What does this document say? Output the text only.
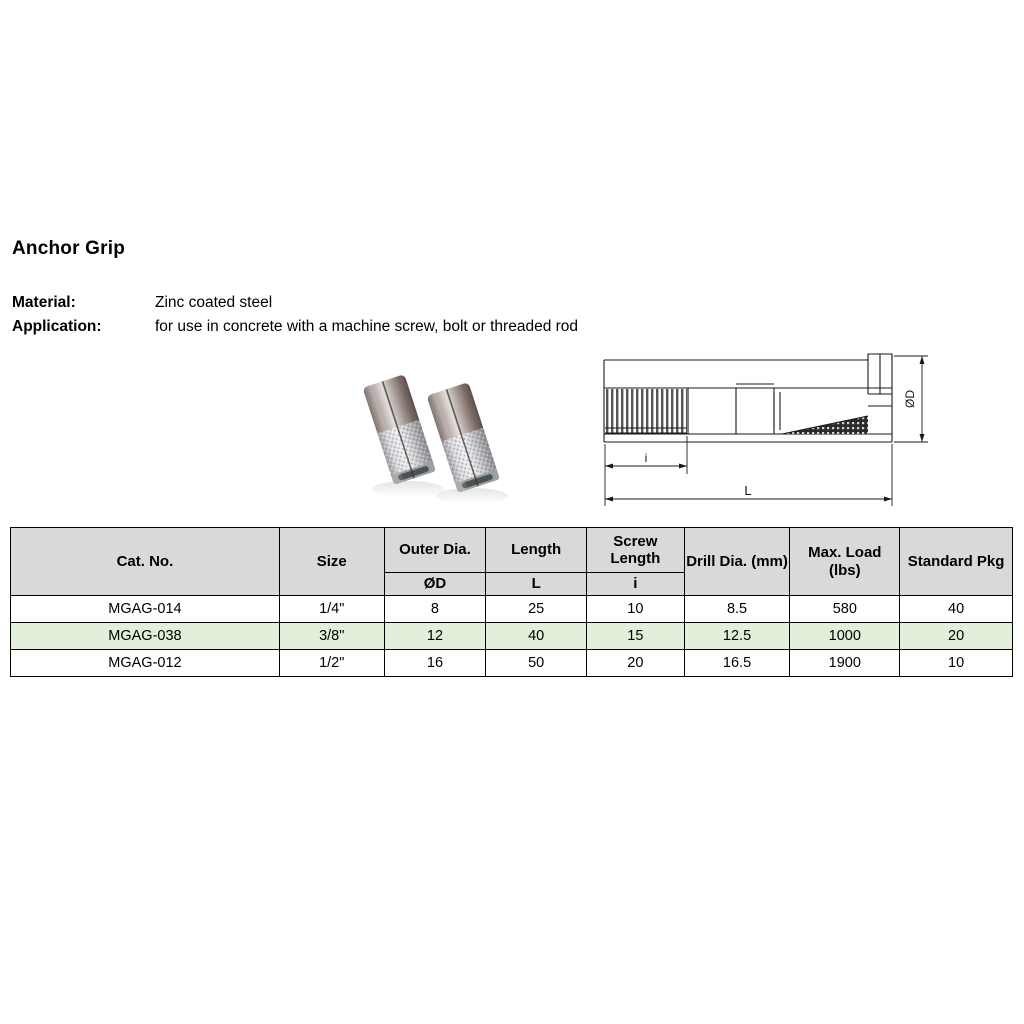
Anchor Grip
Material:	Zinc coated steel
Application:	for use in concrete with a machine screw, bolt or threaded rod
i
L
ØD
Cat. No.	Size	Outer Dia.	Length	Screw Length	Drill Dia. (mm)	Max. Load (lbs)	Standard Pkg
		ØD	L	i			
MGAG-014	1/4"	8	25	10	8.5	580	40
MGAG-038	3/8"	12	40	15	12.5	1000	20
MGAG-012	1/2"	16	50	20	16.5	1900	10
